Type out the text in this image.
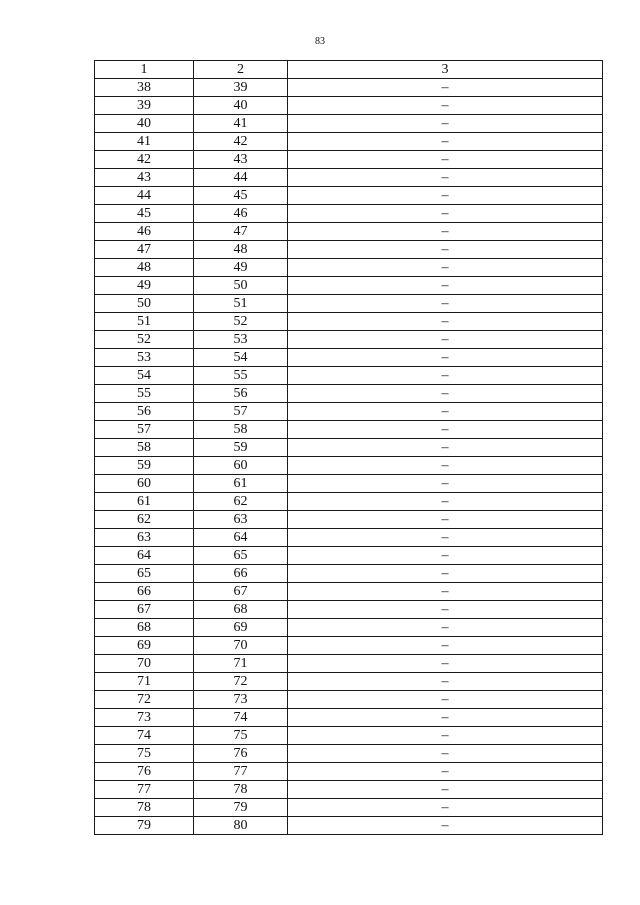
83
1	2	3
38	39	–
39	40	–
40	41	–
41	42	–
42	43	–
43	44	–
44	45	–
45	46	–
46	47	–
47	48	–
48	49	–
49	50	–
50	51	–
51	52	–
52	53	–
53	54	–
54	55	–
55	56	–
56	57	–
57	58	–
58	59	–
59	60	–
60	61	–
61	62	–
62	63	–
63	64	–
64	65	–
65	66	–
66	67	–
67	68	–
68	69	–
69	70	–
70	71	–
71	72	–
72	73	–
73	74	–
74	75	–
75	76	–
76	77	–
77	78	–
78	79	–
79	80	–
